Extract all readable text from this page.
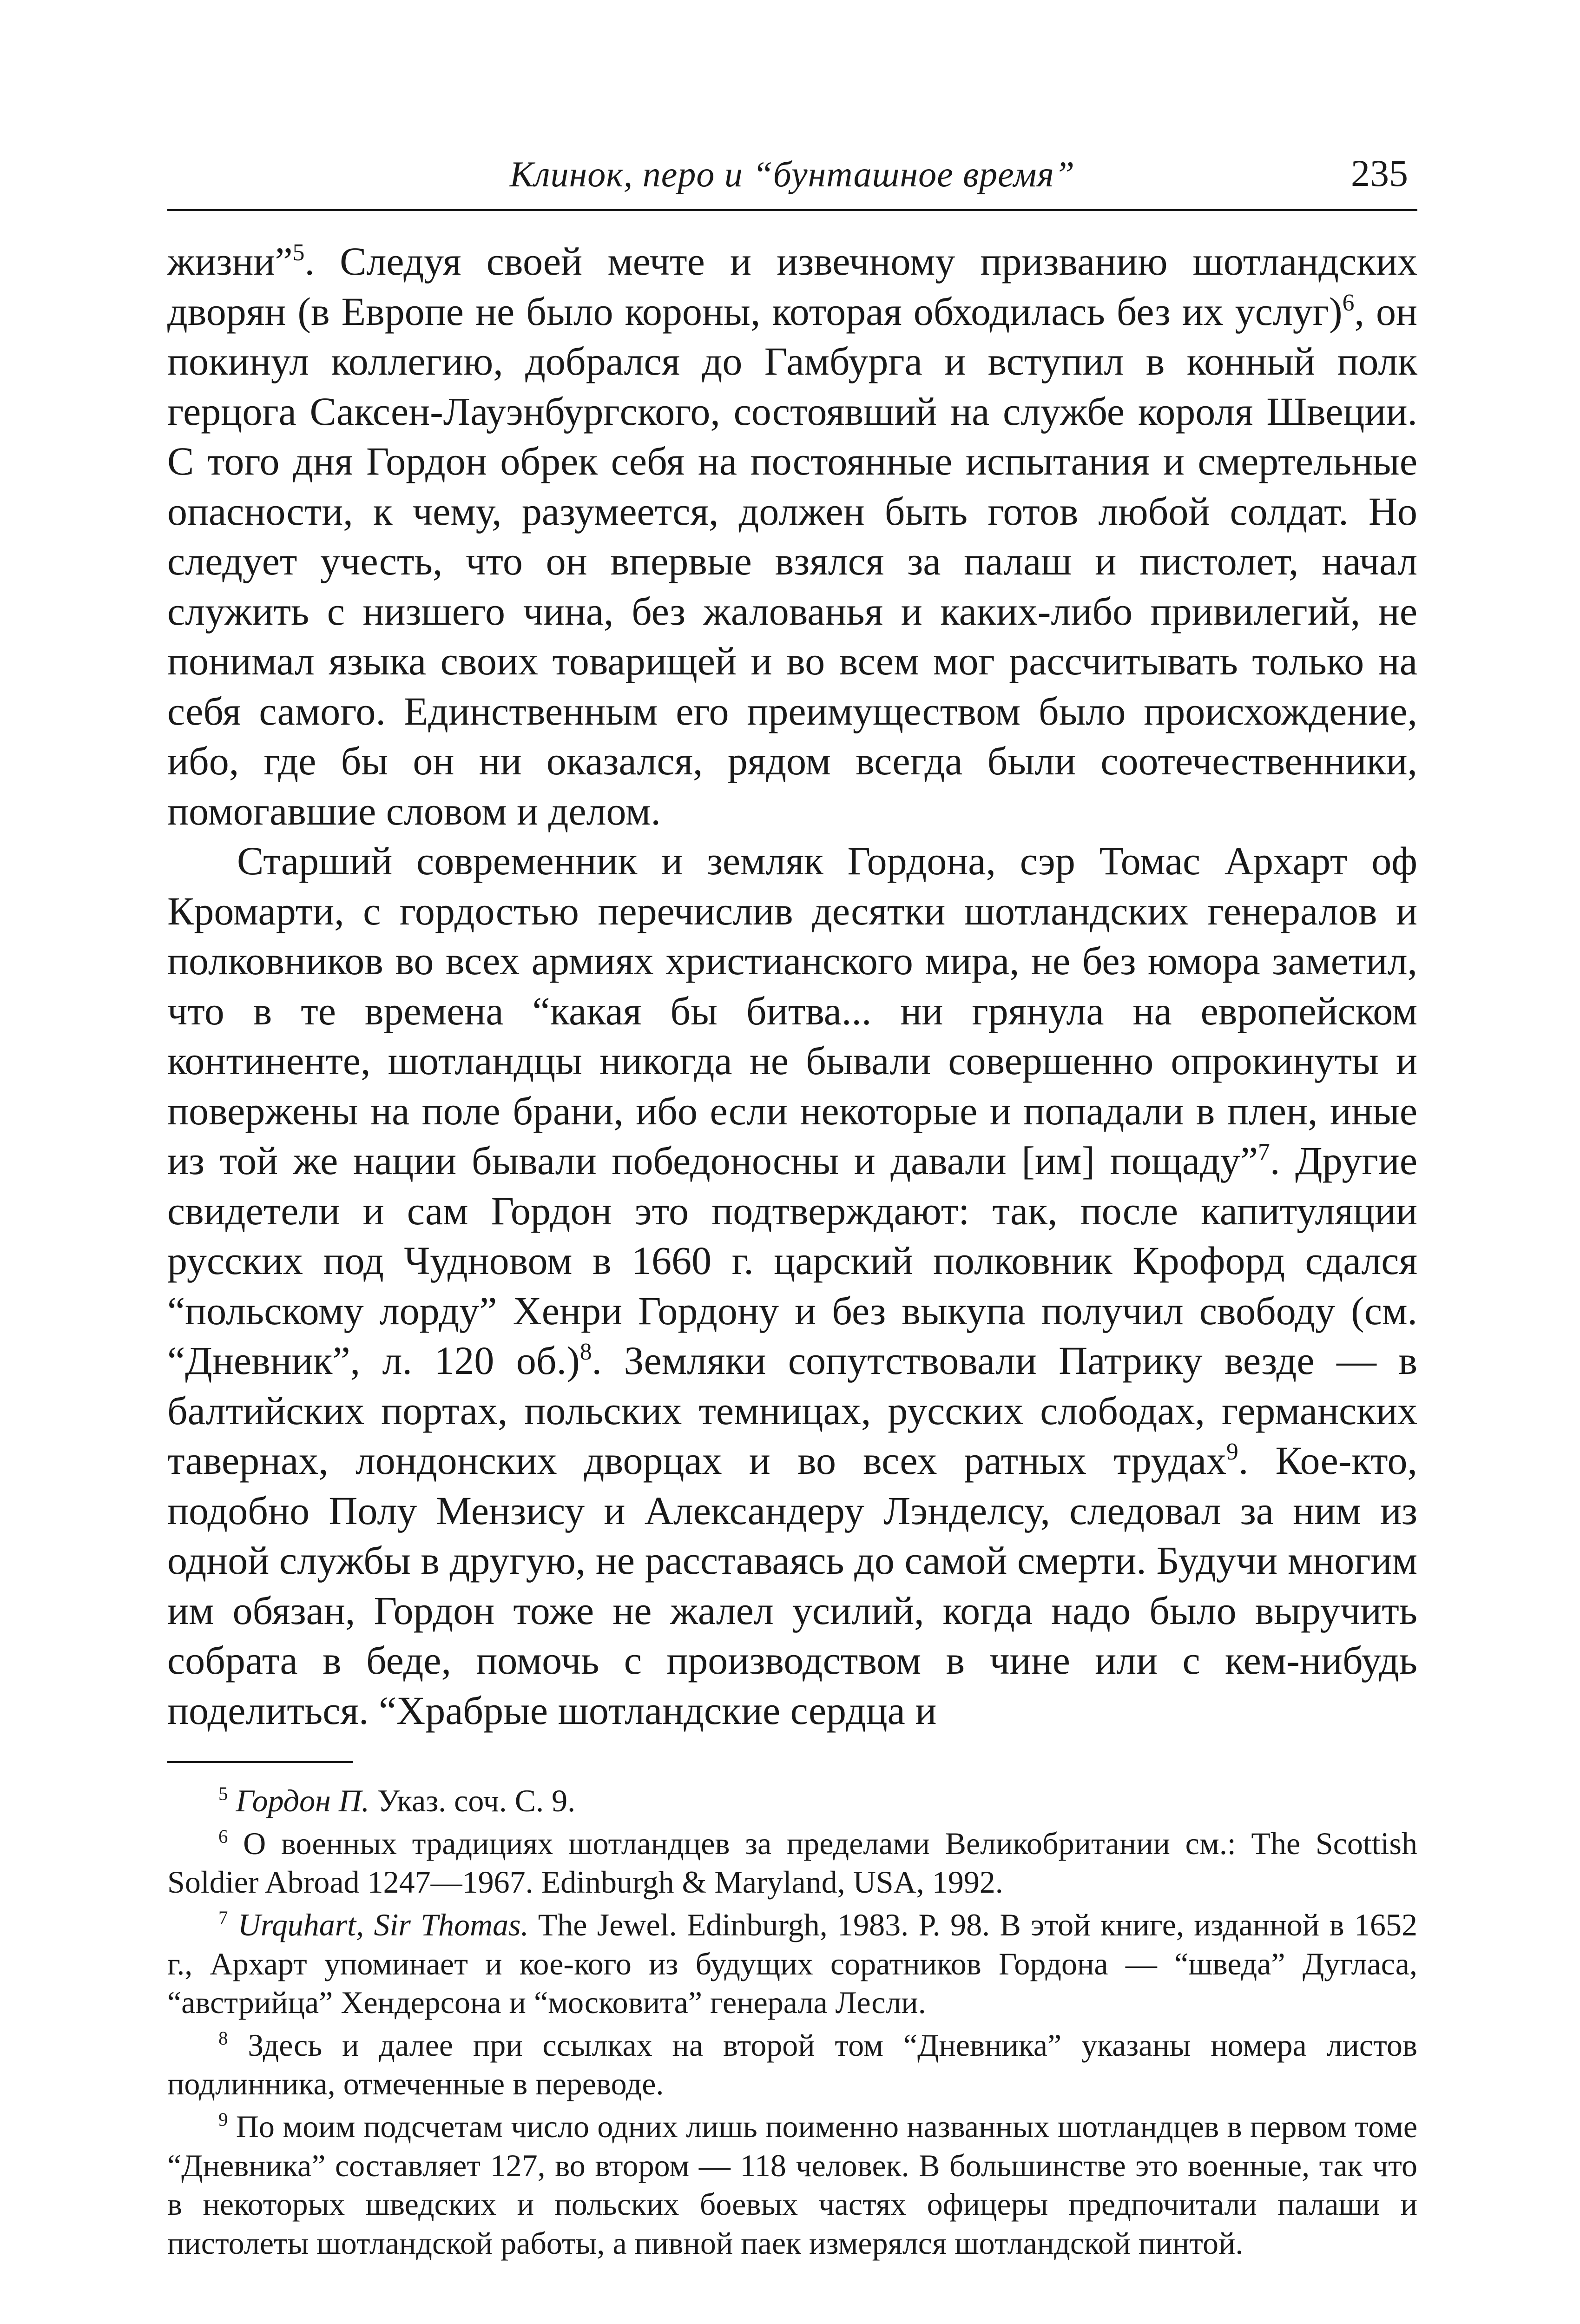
Клинок, перо и “бунташное время”	235

жизни”$^5$. Следуя своей мечте и извечному призванию шотландских дворян (в Европе не было короны, которая обходилась без их услуг)$^6$, он покинул коллегию, добрался до Гамбурга и вступил в конный полк герцога Саксен-Лауэнбургского, состоявший на службе короля Швеции. С того дня Гордон обрек себя на постоянные испытания и смертельные опасности, к чему, разумеется, должен быть готов любой солдат. Но следует учесть, что он впервые взялся за палаш и пистолет, начал служить с низшего чина, без жалованья и каких-либо привилегий, не понимал языка своих товарищей и во всем мог рассчитывать только на себя самого. Единственным его преимуществом было происхождение, ибо, где бы он ни оказался, рядом всегда были соотечественники, помогавшие словом и делом.

Старший современник и земляк Гордона, сэр Томас Архарт оф Кромарти, с гордостью перечислив десятки шотландских генералов и полковников во всех армиях христианского мира, не без юмора заметил, что в те времена “какая бы битва... ни грянула на европейском континенте, шотландцы никогда не бывали совершенно опрокинуты и повержены на поле брани, ибо если некоторые и попадали в плен, иные из той же нации бывали победоносны и давали [им] пощаду”$^7$. Другие свидетели и сам Гордон это подтверждают: так, после капитуляции русских под Чудновом в 1660 г. царский полковник Крофорд сдался “польскому лорду” Хенри Гордону и без выкупа получил свободу (см. “Дневник”, л. 120 об.)$^8$. Земляки сопутствовали Патрику везде — в балтийских портах, польских темницах, русских слободах, германских тавернах, лондонских дворцах и во всех ратных трудах$^9$. Кое-кто, подобно Полу Мензису и Александеру Лэнделсу, следовал за ним из одной службы в другую, не расставаясь до самой смерти. Будучи многим им обязан, Гордон тоже не жалел усилий, когда надо было выручить собрата в беде, помочь с производством в чине или с кем-нибудь поделиться. “Храбрые шотландские сердца и

$^5$ Гордон П. Указ. соч. С. 9.

$^6$ О военных традициях шотландцев за пределами Великобритании см.: The Scottish Soldier Abroad 1247—1967. Edinburgh & Maryland, USA, 1992.

$^7$ Urquhart, Sir Thomas. The Jewel. Edinburgh, 1983. P. 98. В этой книге, изданной в 1652 г., Архарт упоминает и кое-кого из будущих соратников Гордона — “шведа” Дугласа, “австрийца” Хендерсона и “московита” генерала Лесли.

$^8$ Здесь и далее при ссылках на второй том “Дневника” указаны номера листов подлинника, отмеченные в переводе.

$^9$ По моим подсчетам число одних лишь поименно названных шотландцев в первом томе “Дневника” составляет 127, во втором — 118 человек. В большинстве это военные, так что в некоторых шведских и польских боевых частях офицеры предпочитали палаши и пистолеты шотландской работы, а пивной паек измерялся шотландской пинтой.
